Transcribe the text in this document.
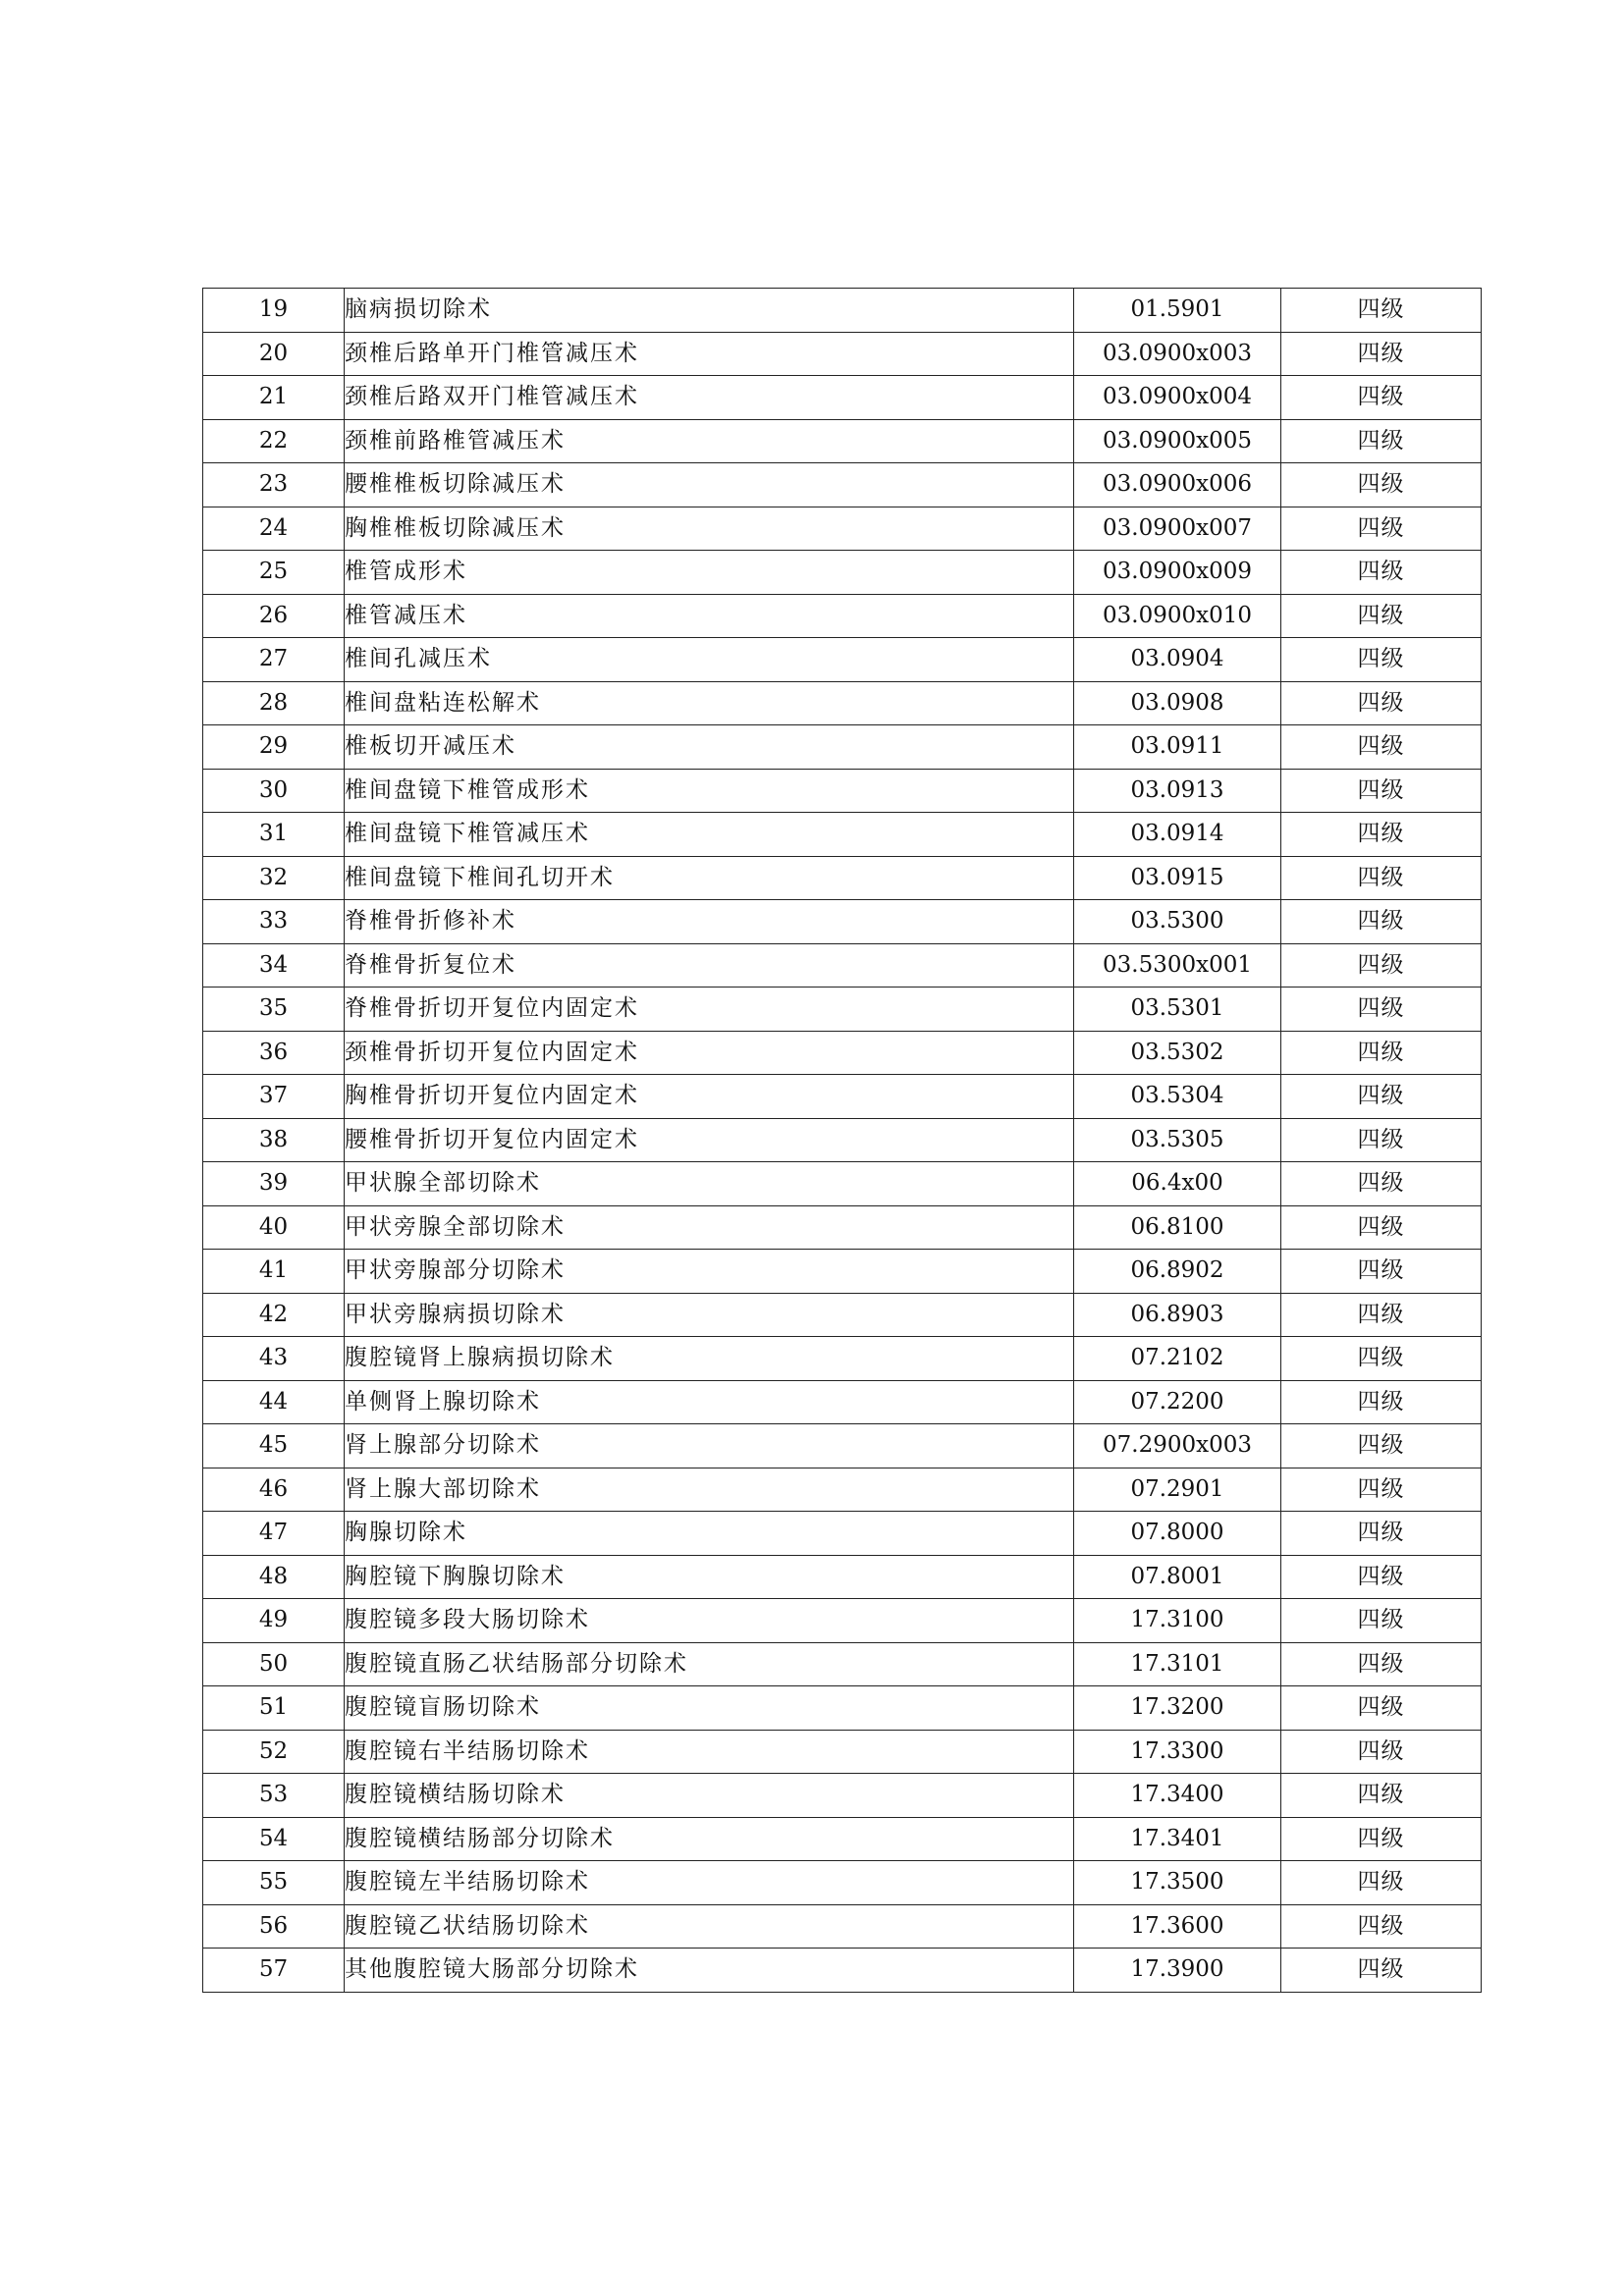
19	脑病损切除术	01.5901	四级
20	颈椎后路单开门椎管减压术	03.0900x003	四级
21	颈椎后路双开门椎管减压术	03.0900x004	四级
22	颈椎前路椎管减压术	03.0900x005	四级
23	腰椎椎板切除减压术	03.0900x006	四级
24	胸椎椎板切除减压术	03.0900x007	四级
25	椎管成形术	03.0900x009	四级
26	椎管减压术	03.0900x010	四级
27	椎间孔减压术	03.0904	四级
28	椎间盘粘连松解术	03.0908	四级
29	椎板切开减压术	03.0911	四级
30	椎间盘镜下椎管成形术	03.0913	四级
31	椎间盘镜下椎管减压术	03.0914	四级
32	椎间盘镜下椎间孔切开术	03.0915	四级
33	脊椎骨折修补术	03.5300	四级
34	脊椎骨折复位术	03.5300x001	四级
35	脊椎骨折切开复位内固定术	03.5301	四级
36	颈椎骨折切开复位内固定术	03.5302	四级
37	胸椎骨折切开复位内固定术	03.5304	四级
38	腰椎骨折切开复位内固定术	03.5305	四级
39	甲状腺全部切除术	06.4x00	四级
40	甲状旁腺全部切除术	06.8100	四级
41	甲状旁腺部分切除术	06.8902	四级
42	甲状旁腺病损切除术	06.8903	四级
43	腹腔镜肾上腺病损切除术	07.2102	四级
44	单侧肾上腺切除术	07.2200	四级
45	肾上腺部分切除术	07.2900x003	四级
46	肾上腺大部切除术	07.2901	四级
47	胸腺切除术	07.8000	四级
48	胸腔镜下胸腺切除术	07.8001	四级
49	腹腔镜多段大肠切除术	17.3100	四级
50	腹腔镜直肠乙状结肠部分切除术	17.3101	四级
51	腹腔镜盲肠切除术	17.3200	四级
52	腹腔镜右半结肠切除术	17.3300	四级
53	腹腔镜横结肠切除术	17.3400	四级
54	腹腔镜横结肠部分切除术	17.3401	四级
55	腹腔镜左半结肠切除术	17.3500	四级
56	腹腔镜乙状结肠切除术	17.3600	四级
57	其他腹腔镜大肠部分切除术	17.3900	四级
